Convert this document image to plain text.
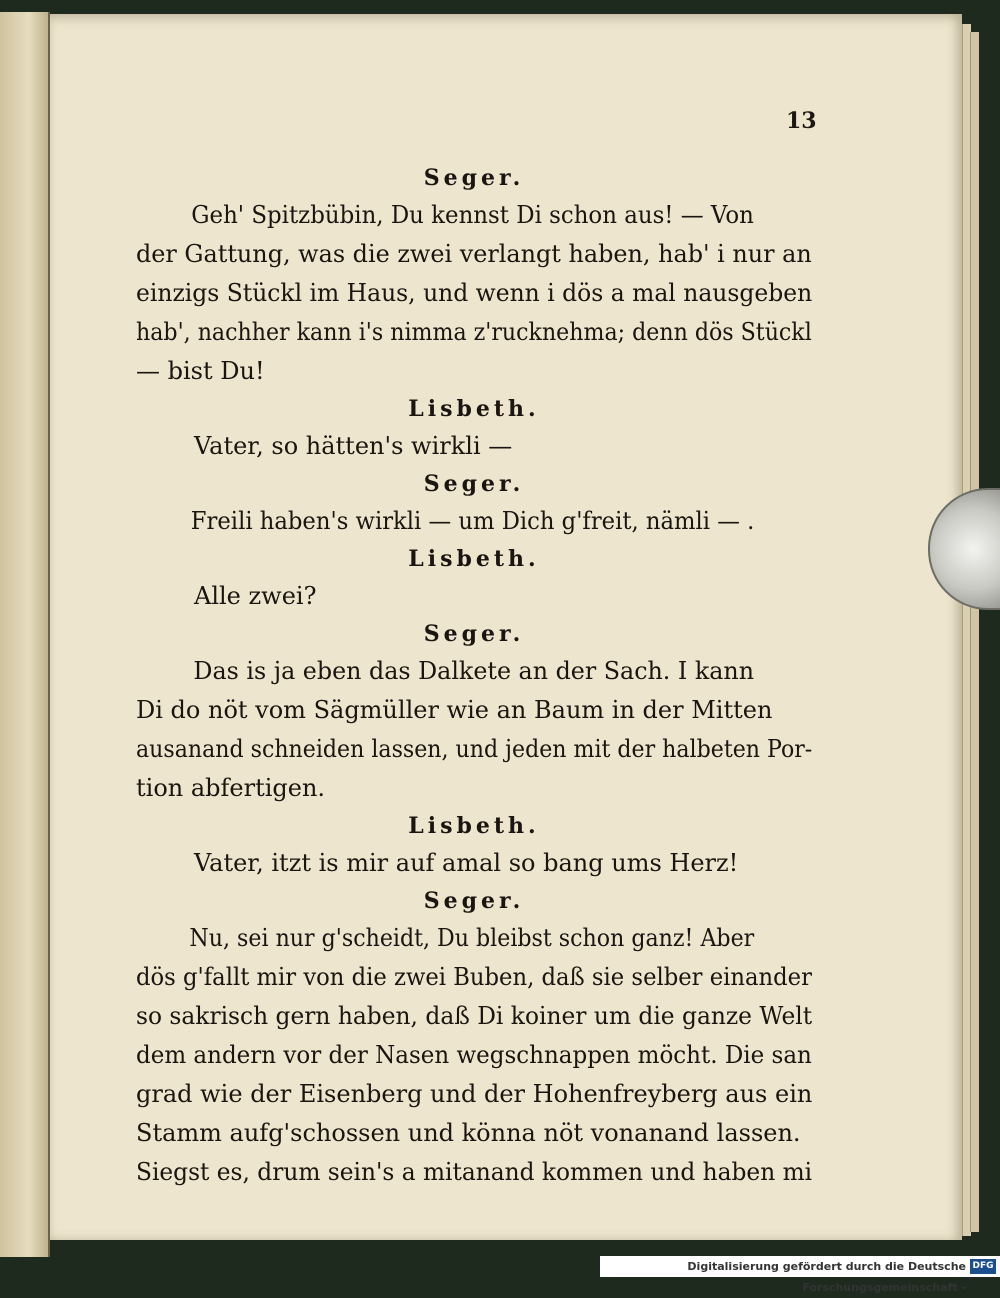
13
Seger.
Geh' Spitzbübin, Du kennst Di schon aus! — Von
der Gattung, was die zwei verlangt haben, hab' i nur an
einzigs Stückl im Haus, und wenn i dös a mal nausgeben
hab', nachher kann i's nimma z'rucknehma; denn dös Stückl
— bist Du!
Lisbeth.
Vater, so hätten's wirkli —
Seger.
Freili haben's wirkli — um Dich g'freit, nämli — .
Lisbeth.
Alle zwei?
Seger.
Das is ja eben das Dalkete an der Sach. I kann
Di do nöt vom Sägmüller wie an Baum in der Mitten
ausanand schneiden lassen, und jeden mit der halbeten Por-
tion abfertigen.
Lisbeth.
Vater, itzt is mir auf amal so bang ums Herz!
Seger.
Nu, sei nur g'scheidt, Du bleibst schon ganz! Aber
dös g'fallt mir von die zwei Buben, daß sie selber einander
so sakrisch gern haben, daß Di koiner um die ganze Welt
dem andern vor der Nasen wegschnappen möcht. Die san
grad wie der Eisenberg und der Hohenfreyberg aus ein
Stamm aufg'schossen und könna nöt vonanand lassen.
Siegst es, drum sein's a mitanand kommen und haben mi
Digitalisierung gefördert durch die Deutsche Forschungsgemeinschaft -
DFG
